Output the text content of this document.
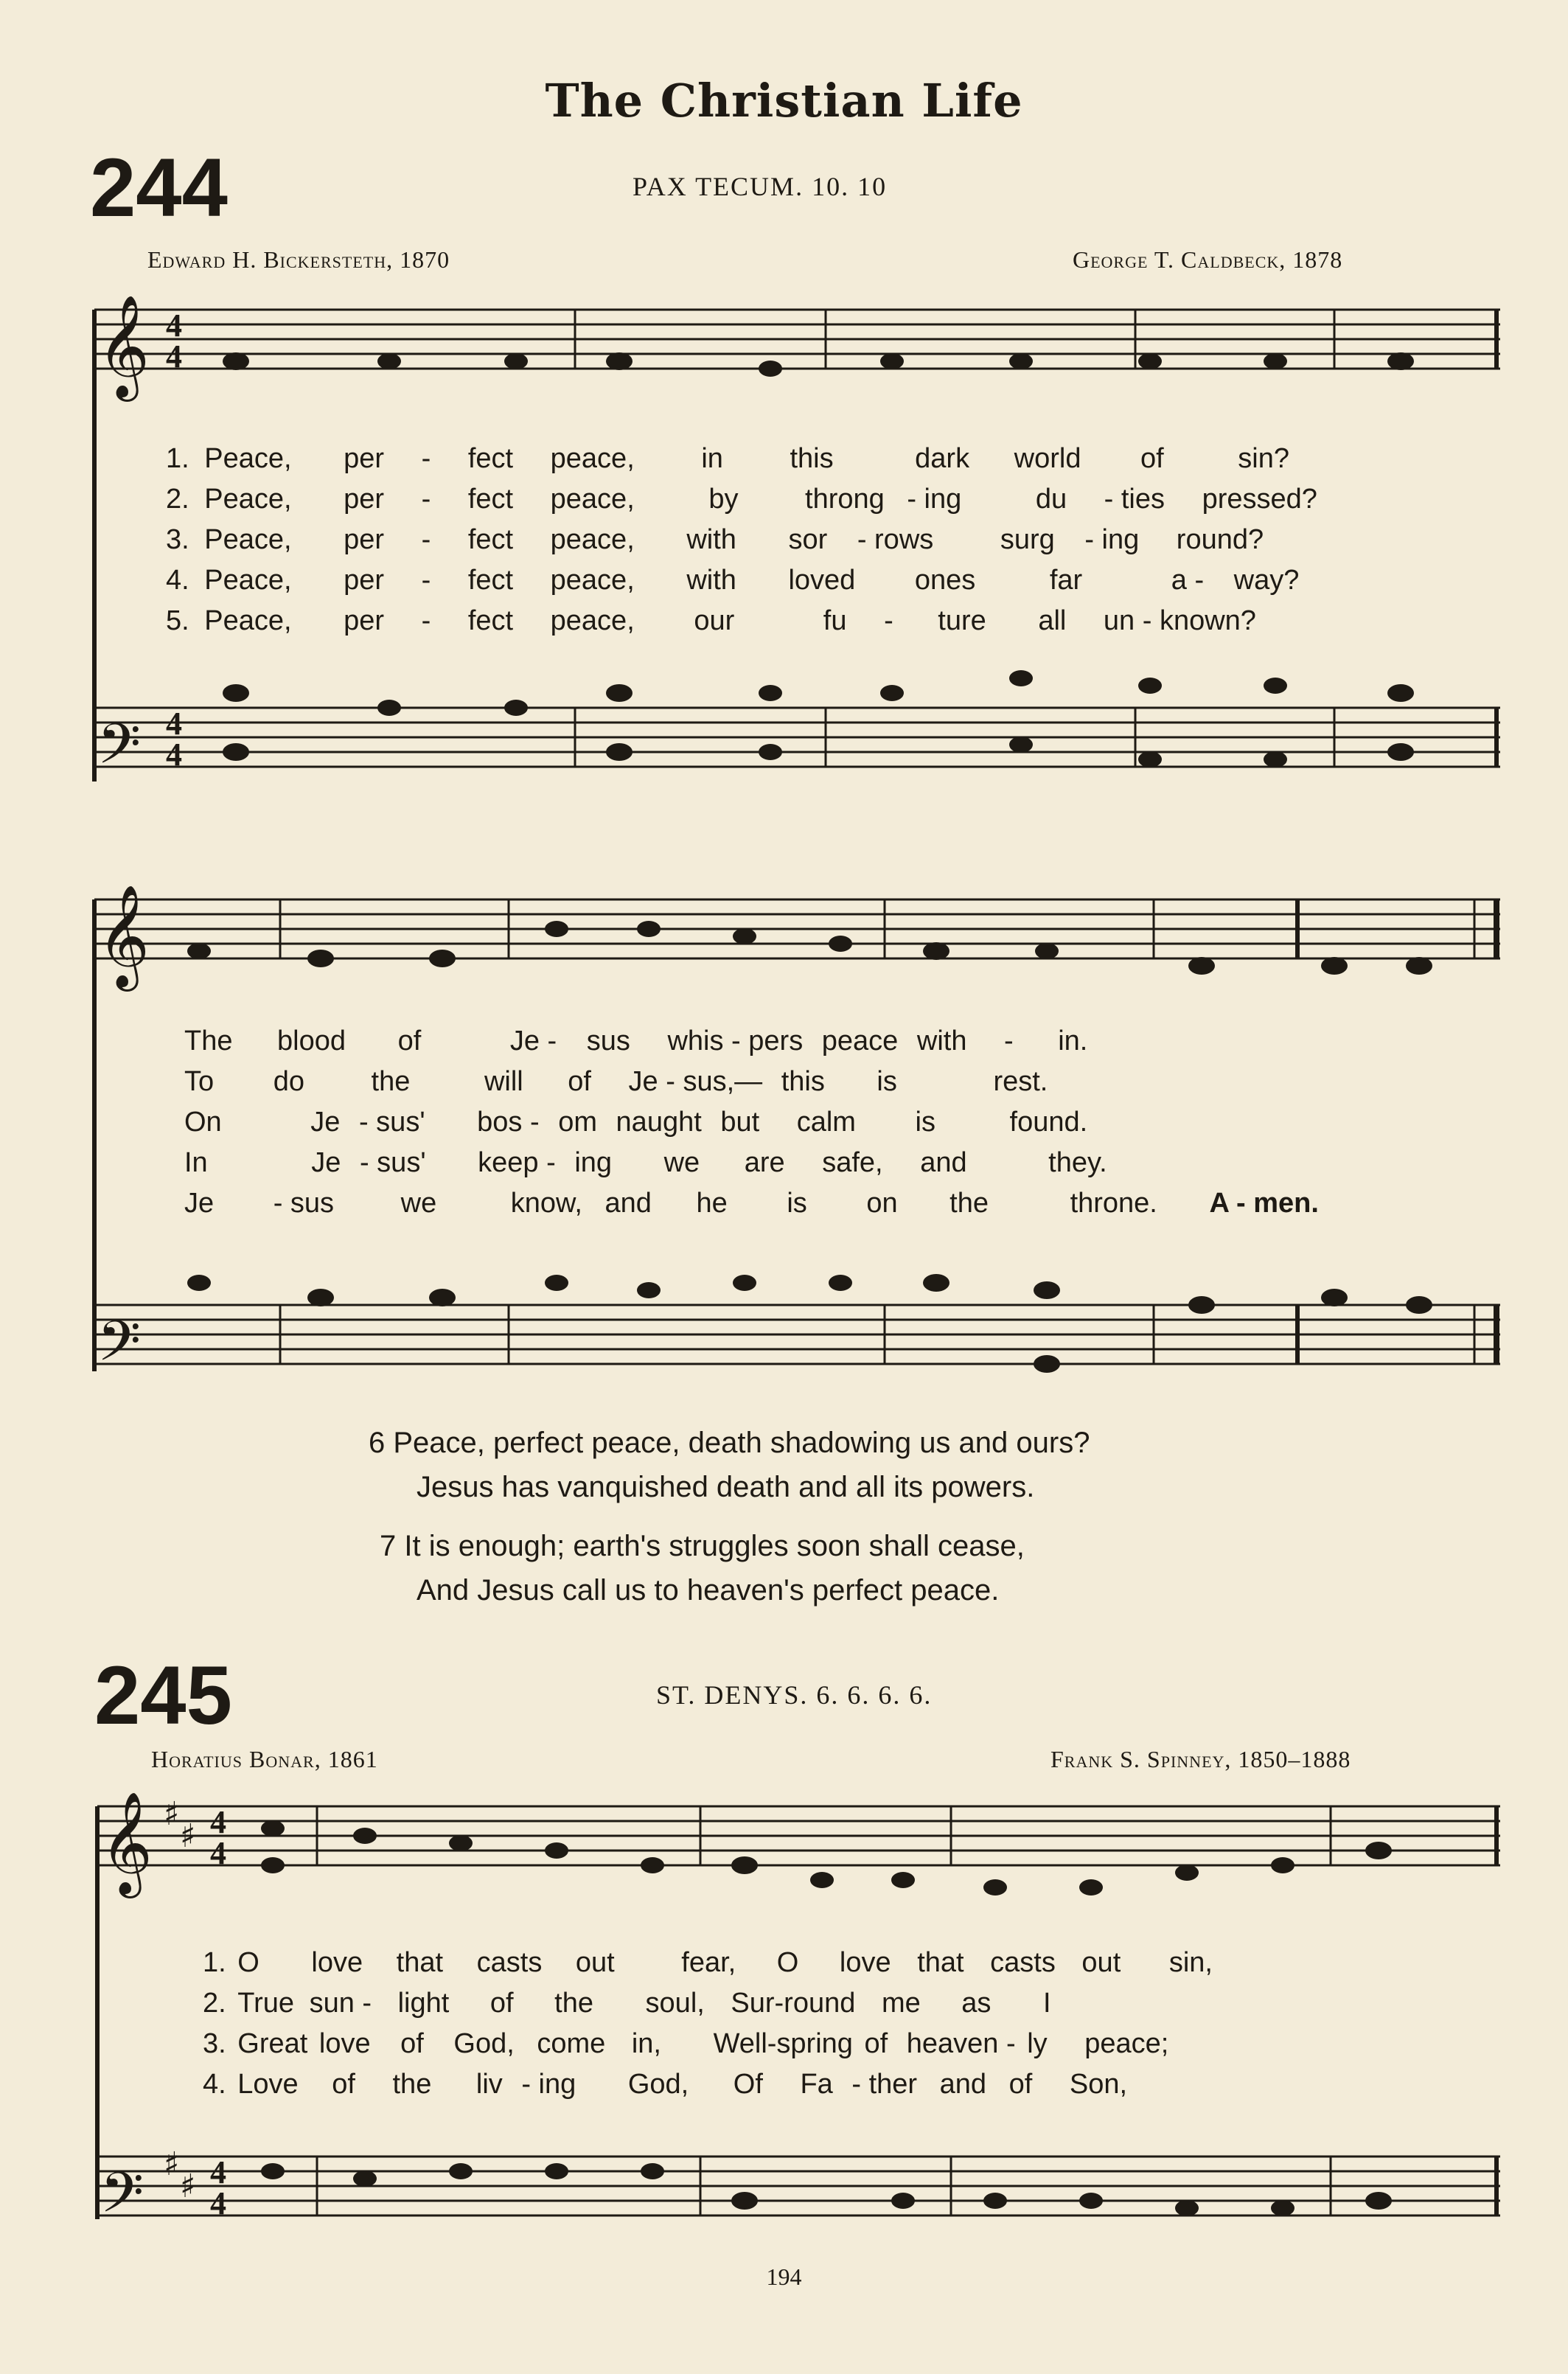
The Christian Life
244	PAX TECUM. 10. 10
Edward H. Bickersteth, 1870	George T. Caldbeck, 1878
𝄞
𝄢
4
4
4
4
1. Peace, per - fect peace, in this	dark world of	sin?
2. Peace, per - fect peace,	by throng - ing	du - ties pressed?
3. Peace, per - fect peace, with sor - rows surg - ing round?
4. Peace, per - fect peace, with loved ones	far	a - way?
5. Peace, per - fect peace, our	fu - ture all un - known?
𝄞
𝄢
The blood of	Je - sus whis - pers peace with - in.
To do the	will of Je - sus,— this is	rest.
On	Je - sus' bos - om naught but calm is	found.
In	Je - sus' keep - ing we are safe, and	they.
Je - sus we	know, and he is on the	throne. A - men.
6 Peace, perfect peace, death shadowing us and ours?
Jesus has vanquished death and all its powers.
7 It is enough; earth's struggles soon shall cease,
And Jesus call us to heaven's perfect peace.
245	ST. DENYS. 6. 6. 6. 6.
Horatius Bonar, 1861	Frank S. Spinney, 1850–1888
𝄞
𝄢
♯
♯
♯
♯
4
4
4
4
1. O love that casts out fear, O love that casts out sin,
2. True sun - light of the soul, Sur-round me as I
3. Great love of God, come in, Well-spring of heaven - ly peace;
4. Love of the liv - ing God, Of Fa - ther and of Son,
194
